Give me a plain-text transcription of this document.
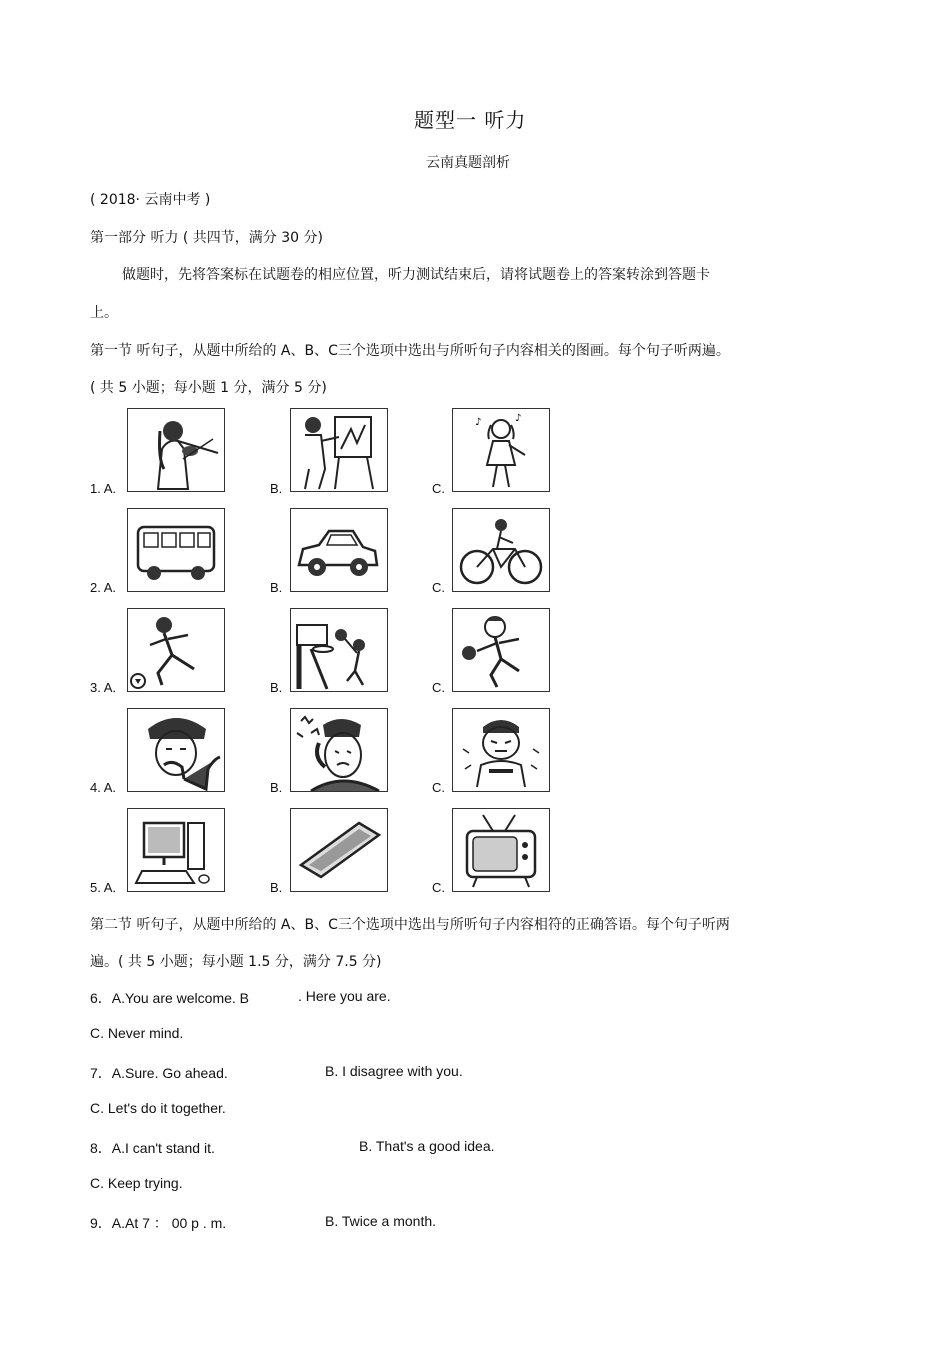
题型一 听力
云南真题剖析
( 2018· 云南中考 )
第一部分 听力 ( 共四节，满分 30 分)
做题时，先将答案标在试题卷的相应位置，听力测试结束后，请将试题卷上的答案转涂到答题卡
上。
第一节 听句子，从题中所给的 A、B、C三个选项中选出与所听句子内容相关的图画。每个句子听两遍。
( 共 5 小题；每小题 1 分，满分 5 分)
1. A.	B.	C.
♪	♪
2. A.	B.	C.
3. A.	B.	C.
4. A.	B.	C.
5. A.	B.	C.
第二节 听句子，从题中所给的 A、B、C三个选项中选出与所听句子内容相符的正确答语。每个句子听两
遍。( 共 5 小题；每小题 1.5 分，满分 7.5 分)
6．A.You are welcome. B	. Here you are.
C. Never mind.
7．A.Sure. Go ahead.	B. I disagree with you.
C. Let's do it together.
8．A.I can't stand it.	B. That's a good idea.
C. Keep trying.
9．A.At 7 ： 00 p . m.	B. Twice a month.
